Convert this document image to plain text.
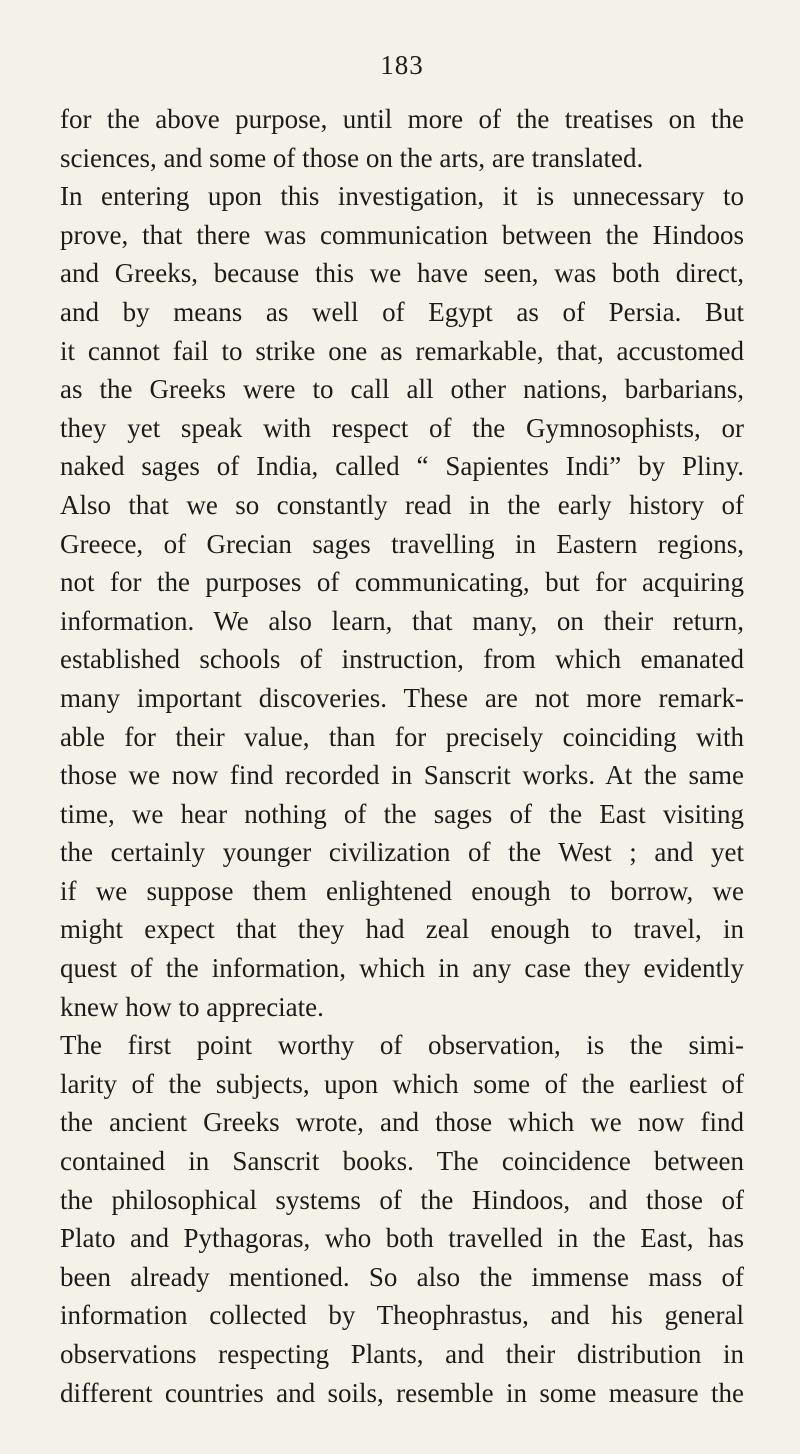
183
for the above purpose, until more of the treatises on the
sciences, and some of those on the arts, are translated.
In entering upon this investigation, it is unnecessary to
prove, that there was communication between the Hindoos
and Greeks, because this we have seen, was both direct,
and by means as well of Egypt as of Persia. But
it cannot fail to strike one as remarkable, that, accustomed
as the Greeks were to call all other nations, barbarians,
they yet speak with respect of the Gymnosophists, or
naked sages of India, called “ Sapientes Indi” by Pliny.
Also that we so constantly read in the early history of
Greece, of Grecian sages travelling in Eastern regions,
not for the purposes of communicating, but for acquiring
information. We also learn, that many, on their return,
established schools of instruction, from which emanated
many important discoveries. These are not more remark-
able for their value, than for precisely coinciding with
those we now find recorded in Sanscrit works. At the same
time, we hear nothing of the sages of the East visiting
the certainly younger civilization of the West ; and yet
if we suppose them enlightened enough to borrow, we
might expect that they had zeal enough to travel, in
quest of the information, which in any case they evidently
knew how to appreciate.
The first point worthy of observation, is the simi-
larity of the subjects, upon which some of the earliest of
the ancient Greeks wrote, and those which we now find
contained in Sanscrit books. The coincidence between
the philosophical systems of the Hindoos, and those of
Plato and Pythagoras, who both travelled in the East, has
been already mentioned. So also the immense mass of
information collected by Theophrastus, and his general
observations respecting Plants, and their distribution in
different countries and soils, resemble in some measure the
